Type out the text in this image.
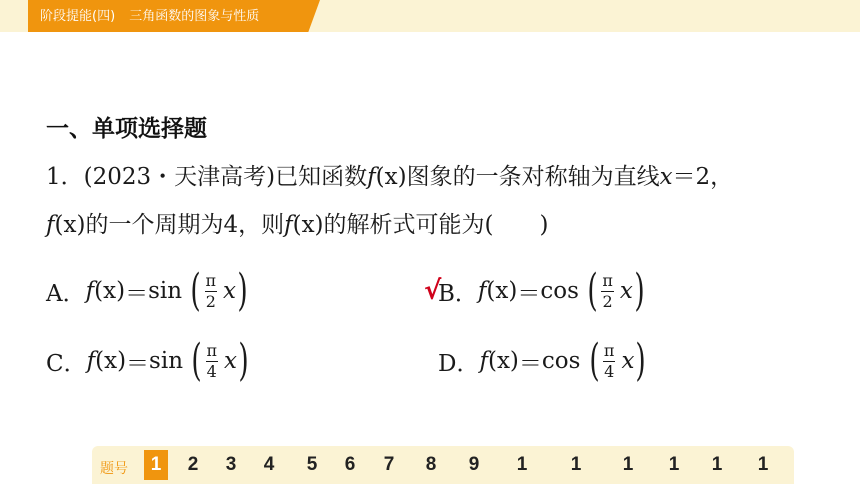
阶段提能(四) 三角函数的图象与性质
一、单项选择题
1．(2023・天津高考)已知函数f(x)图象的一条对称轴为直线x＝2，
f(x)的一个周期为4，则f(x)的解析式可能为(　　)
A． f (x) ＝ sin
( $\frac{\pi}{2}$ x )	√
B． f (x) ＝ cos
( $\frac{\pi}{2}$ x )
C． f (x) ＝ sin
( $\frac{\pi}{4}$ x )	D． f (x) ＝ cos
( $\frac{\pi}{4}$ x )
题号	1	2	3	4	5	6	7	8	9	1	1	1	1	1	1
